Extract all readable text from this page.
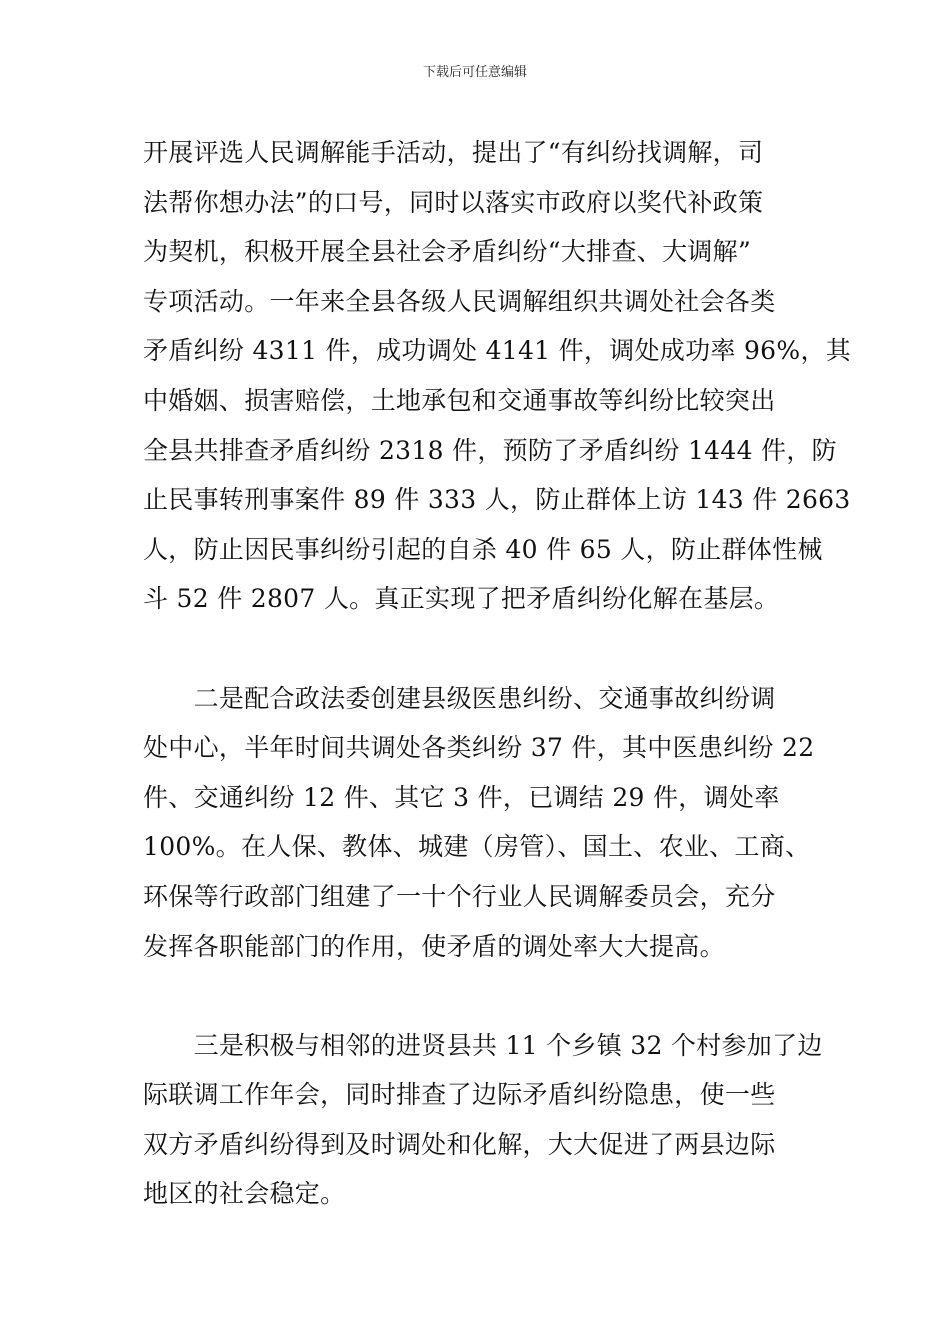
下载后可任意编辑
开展评选人民调解能手活动，提出了“有纠纷找调解，司
法帮你想办法”的口号，同时以落实市政府以奖代补政策
为契机，积极开展全县社会矛盾纠纷“大排查、大调解”
专项活动。一年来全县各级人民调解组织共调处社会各类
矛盾纠纷 4311 件，成功调处 4141 件，调处成功率 96%，其
中婚姻、损害赔偿，土地承包和交通事故等纠纷比较突出
全县共排查矛盾纠纷 2318 件，预防了矛盾纠纷 1444 件，防
止民事转刑事案件 89 件 333 人，防止群体上访 143 件 2663
人，防止因民事纠纷引起的自杀 40 件 65 人，防止群体性械
斗 52 件 2807 人。真正实现了把矛盾纠纷化解在基层。
　　二是配合政法委创建县级医患纠纷、交通事故纠纷调
处中心，半年时间共调处各类纠纷 37 件，其中医患纠纷 22
件、交通纠纷 12 件、其它 3 件，已调结 29 件，调处率
100%。在人保、教体、城建（房管）、国土、农业、工商、
环保等行政部门组建了一十个行业人民调解委员会，充分
发挥各职能部门的作用，使矛盾的调处率大大提高。
　　三是积极与相邻的进贤县共 11 个乡镇 32 个村参加了边
际联调工作年会，同时排查了边际矛盾纠纷隐患，使一些
双方矛盾纠纷得到及时调处和化解，大大促进了两县边际
地区的社会稳定。
